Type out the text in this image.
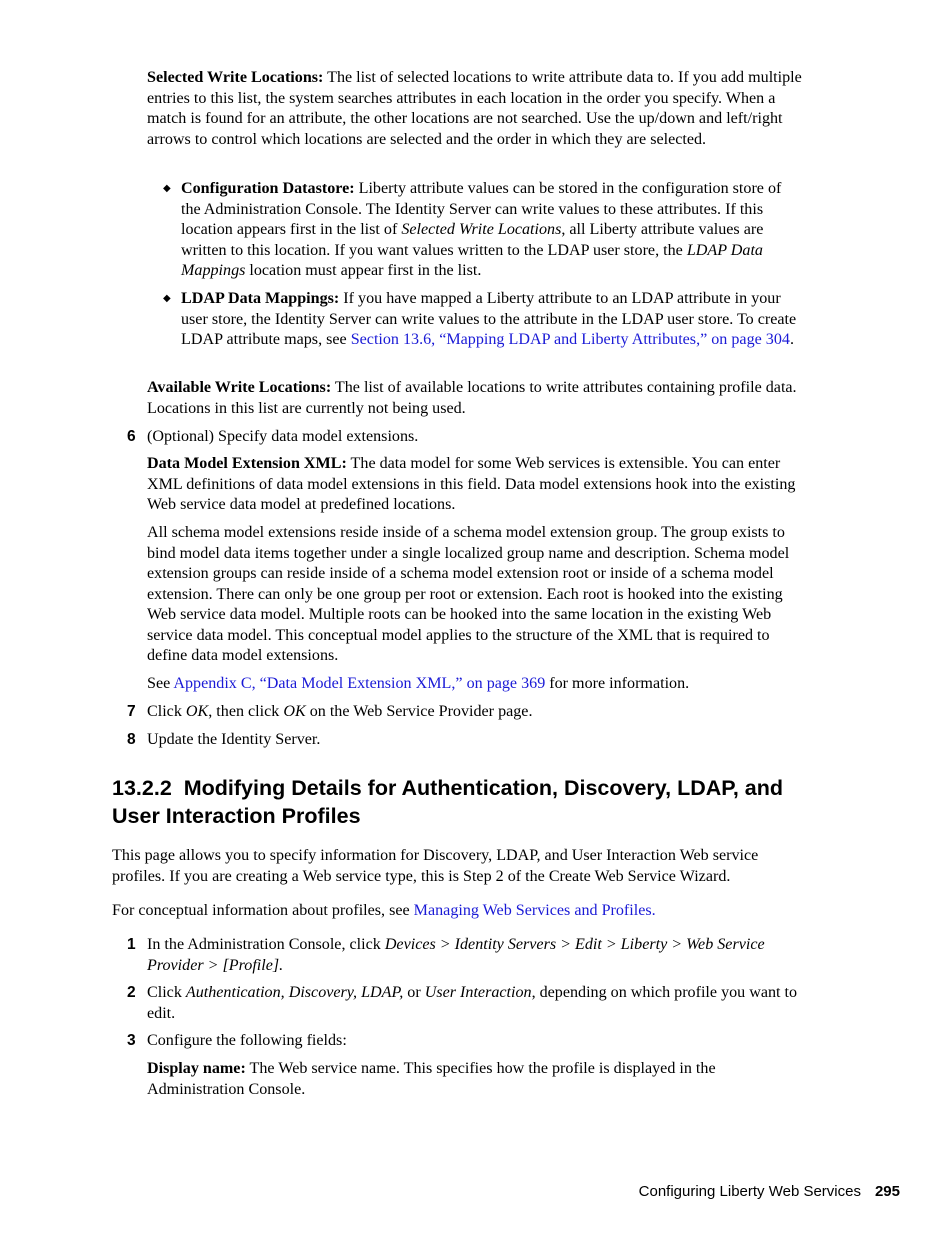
Selected Write Locations: The list of selected locations to write attribute data to. If you add multiple entries to this list, the system searches attributes in each location in the order you specify. When a match is found for an attribute, the other locations are not searched. Use the up/down and left/right arrows to control which locations are selected and the order in which they are selected.

◆ Configuration Datastore: Liberty attribute values can be stored in the configuration store of the Administration Console. The Identity Server can write values to these attributes. If this location appears first in the list of Selected Write Locations, all Liberty attribute values are written to this location. If you want values written to the LDAP user store, the LDAP Data Mappings location must appear first in the list.

◆ LDAP Data Mappings: If you have mapped a Liberty attribute to an LDAP attribute in your user store, the Identity Server can write values to the attribute in the LDAP user store. To create LDAP attribute maps, see Section 13.6, “Mapping LDAP and Liberty Attributes,” on page 304.

Available Write Locations: The list of available locations to write attributes containing profile data. Locations in this list are currently not being used.

6 (Optional) Specify data model extensions.

Data Model Extension XML: The data model for some Web services is extensible. You can enter XML definitions of data model extensions in this field. Data model extensions hook into the existing Web service data model at predefined locations.

All schema model extensions reside inside of a schema model extension group. The group exists to bind model data items together under a single localized group name and description. Schema model extension groups can reside inside of a schema model extension root or inside of a schema model extension. There can only be one group per root or extension. Each root is hooked into the existing Web service data model. Multiple roots can be hooked into the same location in the existing Web service data model. This conceptual model applies to the structure of the XML that is required to define data model extensions.

See Appendix C, “Data Model Extension XML,” on page 369 for more information.

7 Click OK, then click OK on the Web Service Provider page.

8 Update the Identity Server.

13.2.2  Modifying Details for Authentication, Discovery, LDAP, and User Interaction Profiles

This page allows you to specify information for Discovery, LDAP, and User Interaction Web service profiles. If you are creating a Web service type, this is Step 2 of the Create Web Service Wizard.

For conceptual information about profiles, see Managing Web Services and Profiles.

1 In the Administration Console, click Devices > Identity Servers > Edit > Liberty > Web Service Provider > [Profile].

2 Click Authentication, Discovery, LDAP, or User Interaction, depending on which profile you want to edit.

3 Configure the following fields:

Display name: The Web service name. This specifies how the profile is displayed in the Administration Console.

Configuring Liberty Web Services 295
